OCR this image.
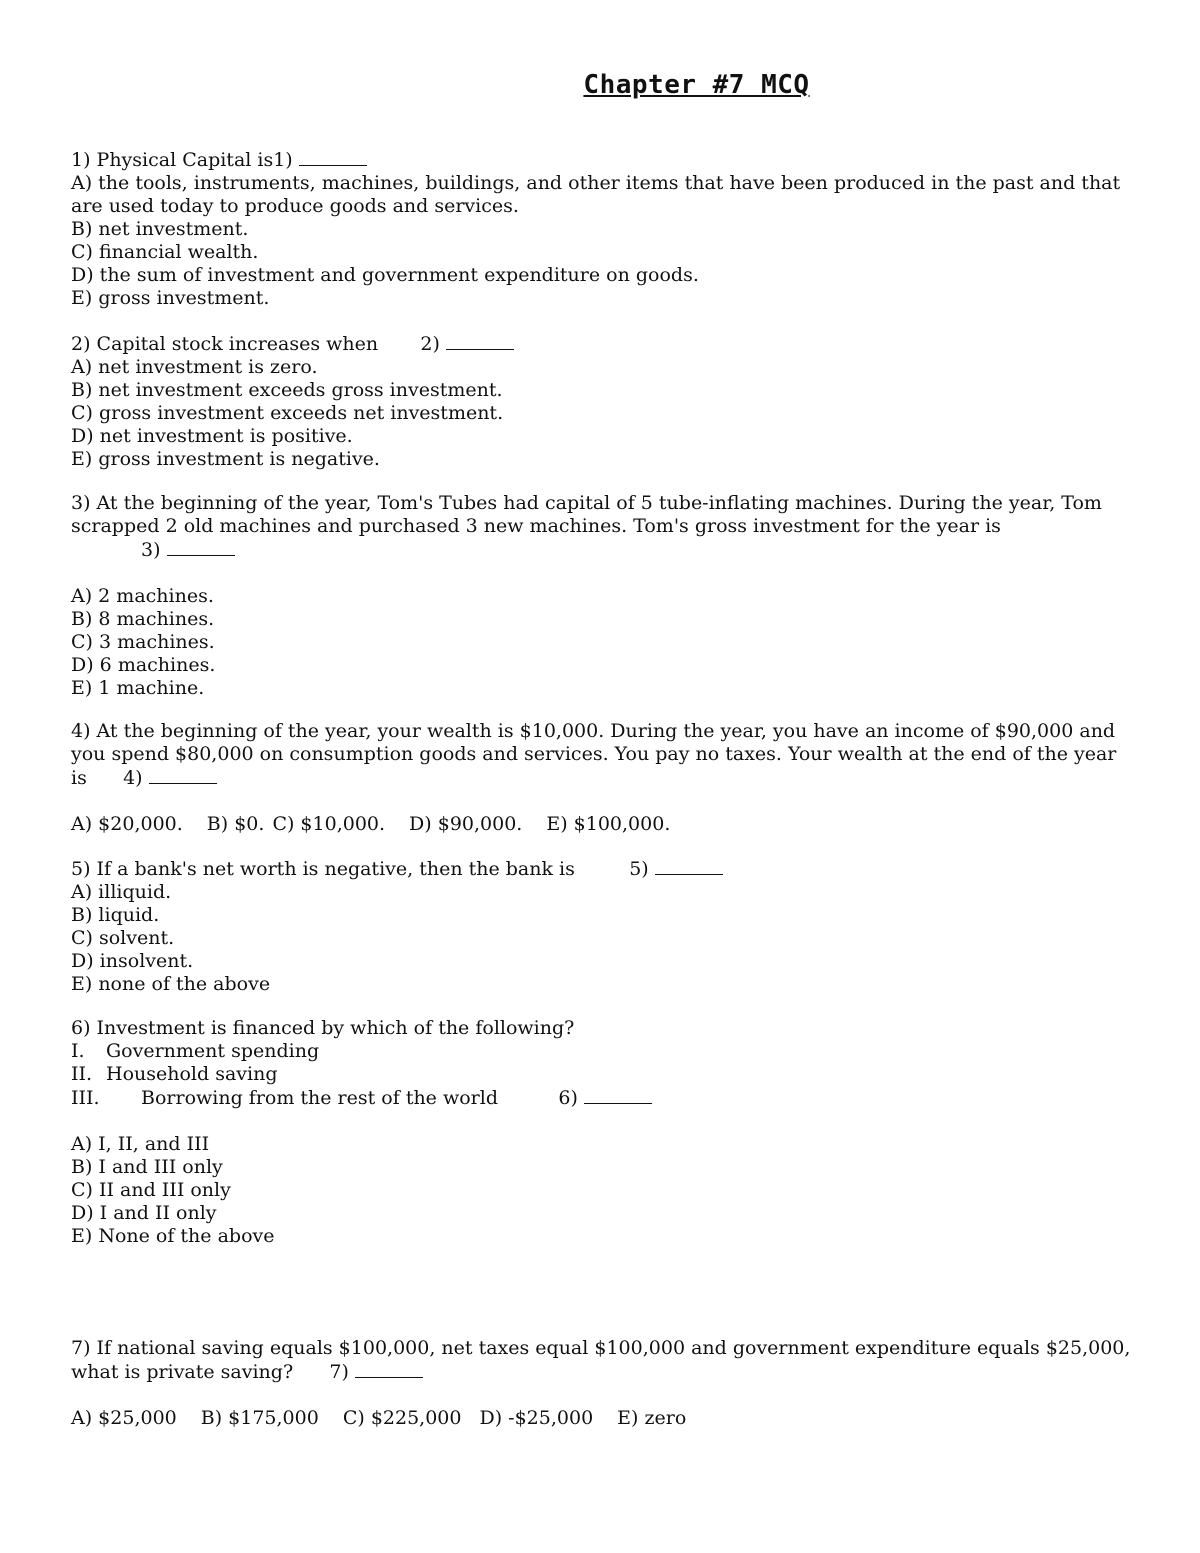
Chapter #7 MCQ
1) Physical Capital is1)
A) the tools, instruments, machines, buildings, and other items that have been produced in the past and that are used today to produce goods and services.
B) net investment.
C) financial wealth.
D) the sum of investment and government expenditure on goods.
E) gross investment.
2) Capital stock increases when 2)
A) net investment is zero.
B) net investment exceeds gross investment.
C) gross investment exceeds net investment.
D) net investment is positive.
E) gross investment is negative.
3) At the beginning of the year, Tom's Tubes had capital of 5 tube-inflating machines. During the year, Tom scrapped 2 old machines and purchased 3 new machines. Tom's gross investment for the year is
3)
A) 2 machines.
B) 8 machines.
C) 3 machines.
D) 6 machines.
E) 1 machine.
4) At the beginning of the year, your wealth is $10,000. During the year, you have an income of $90,000 and you spend $80,000 on consumption goods and services. You pay no taxes. Your wealth at the end of the year is 4)
A) $20,000. B) $0. C) $10,000. D) $90,000. E) $100,000.
5) If a bank's net worth is negative, then the bank is	5)
A) illiquid.
B) liquid.
C) solvent.
D) insolvent.
E) none of the above
6) Investment is financed by which of the following?
I. Government spending
II. Household saving
III. Borrowing from the rest of the world	6)
A) I, II, and III
B) I and III only
C) II and III only
D) I and II only
E) None of the above
7) If national saving equals $100,000, net taxes equal $100,000 and government expenditure equals $25,000, what is private saving? 7)
A) $25,000 B) $175,000 C) $225,000 D) -$25,000 E) zero
